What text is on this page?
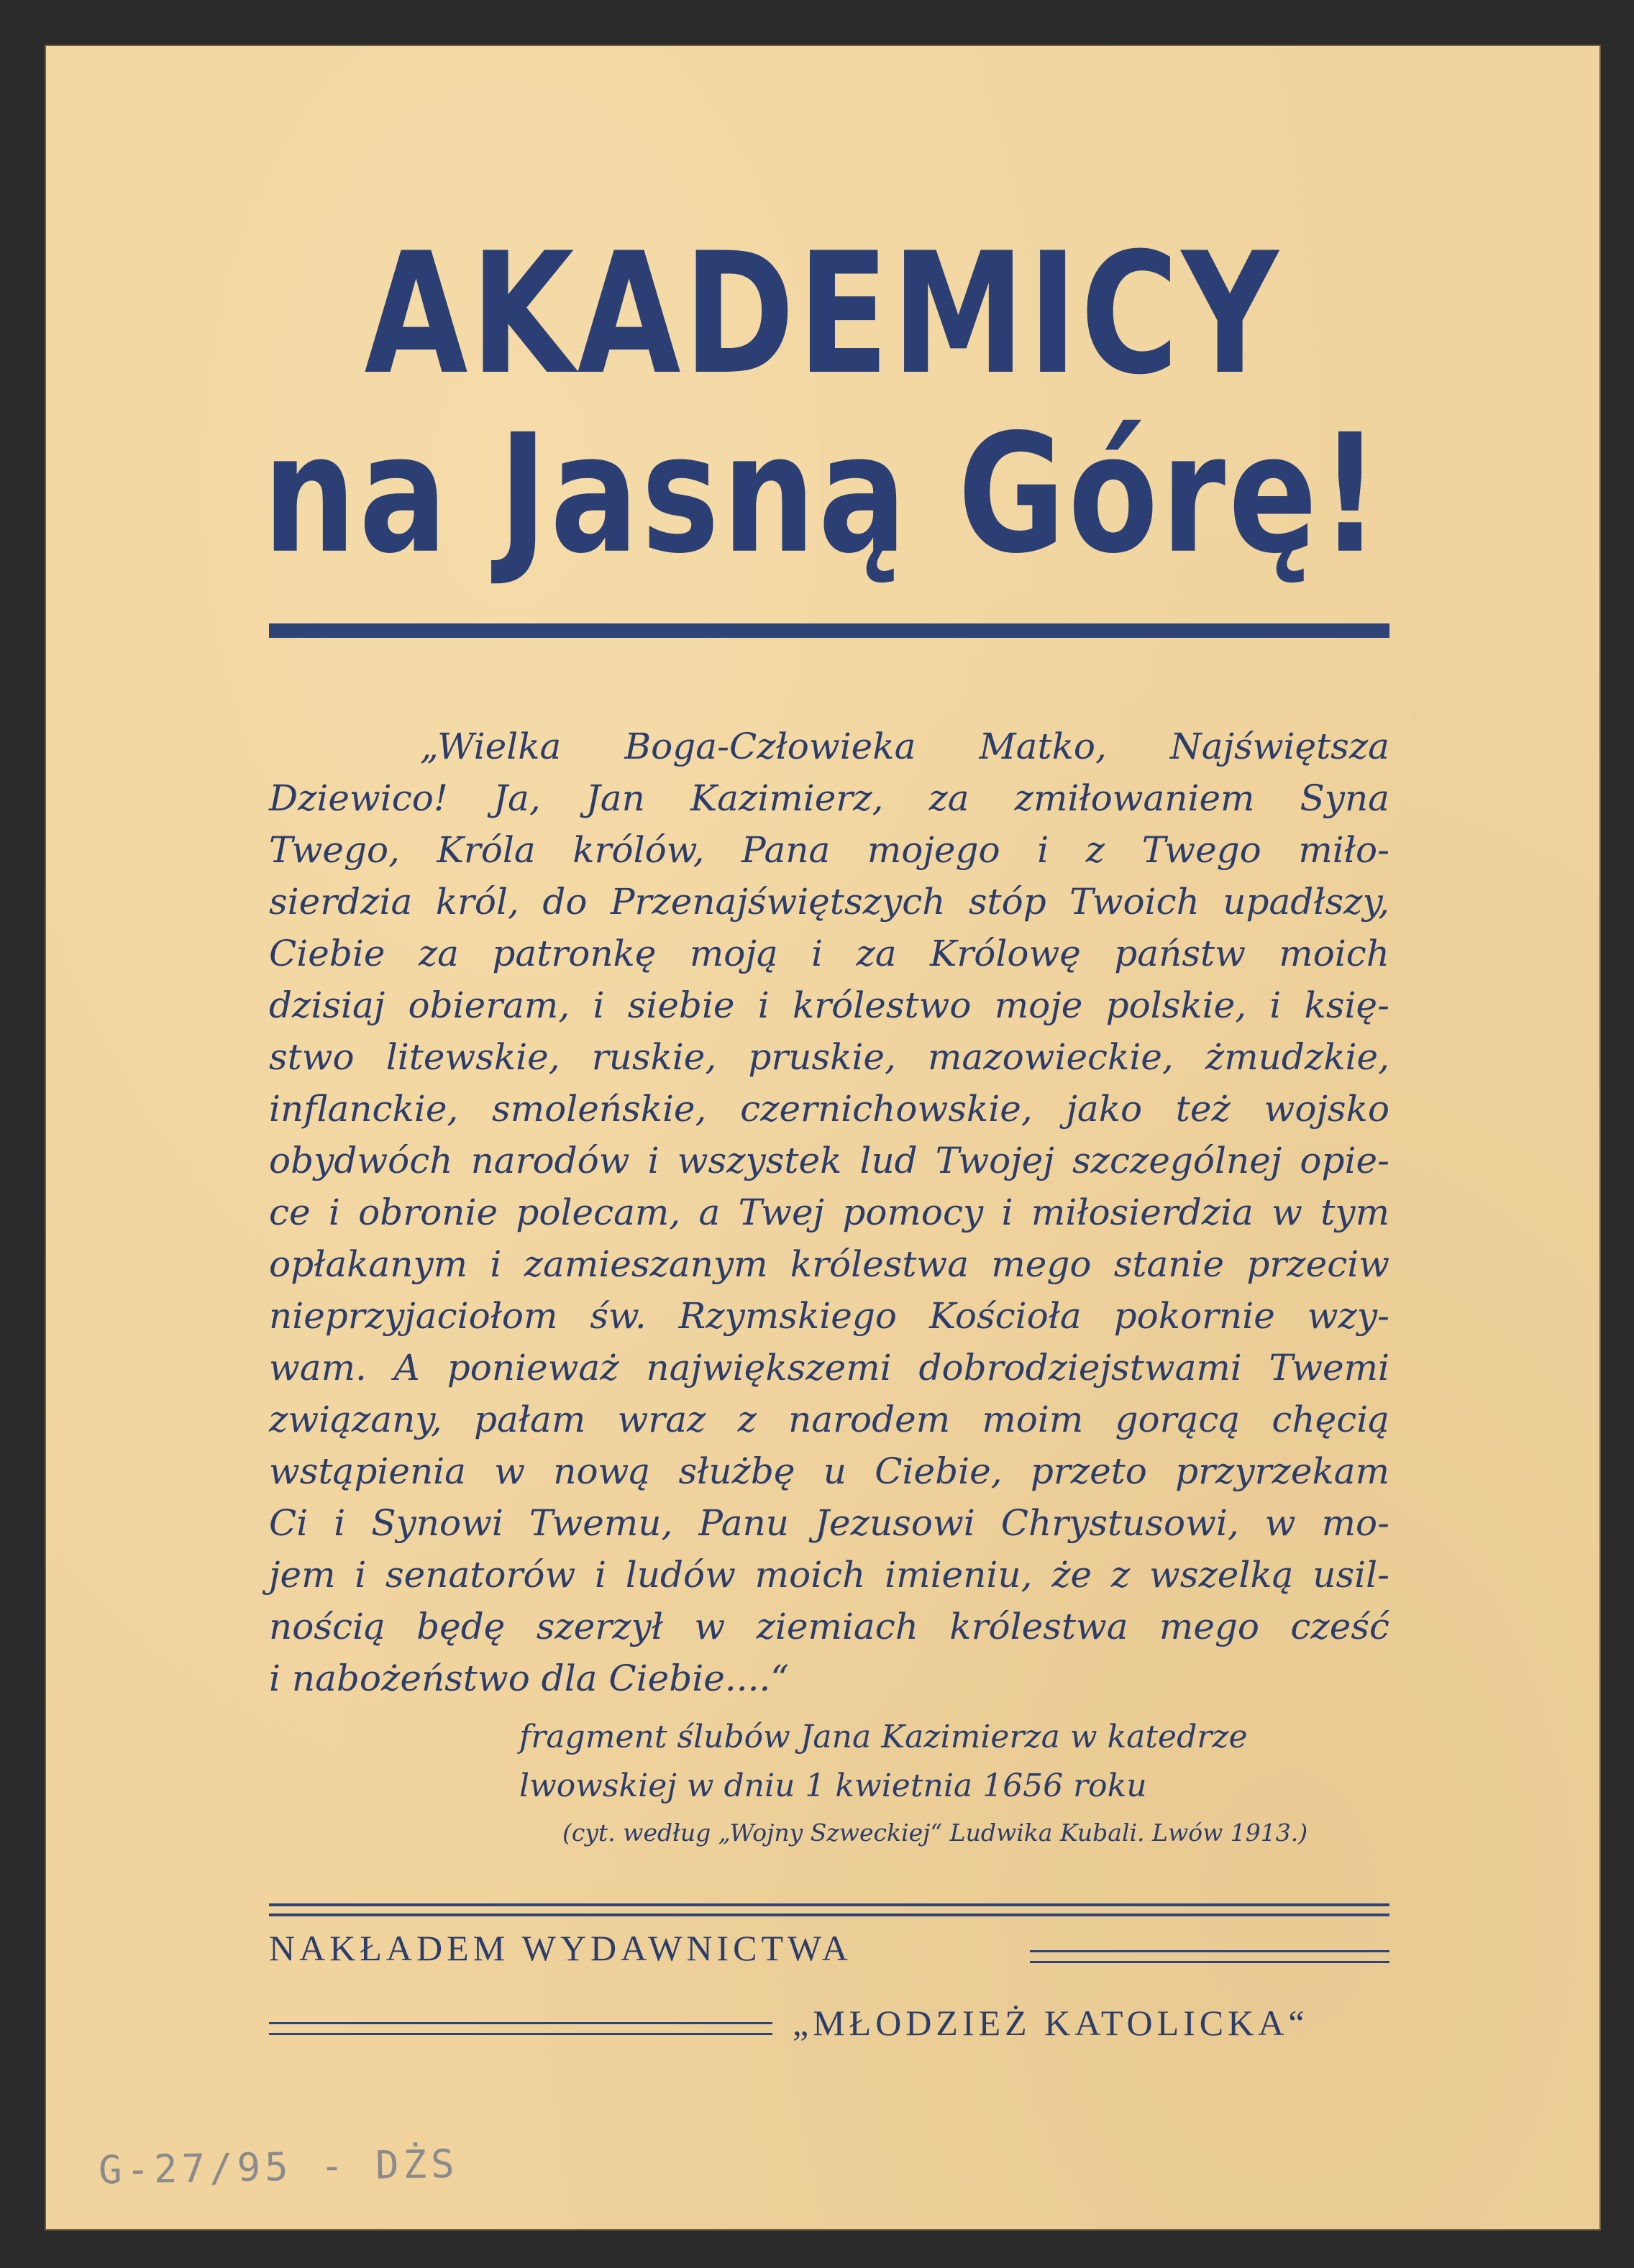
AKADEMICY
na Jasną Górę!
„Wielka Boga-Człowieka Matko, Najświętsza
Dziewico! Ja, Jan Kazimierz, za zmiłowaniem Syna
Twego, Króla królów, Pana mojego i z Twego miło-
sierdzia król, do Przenajświętszych stóp Twoich upadłszy,
Ciebie za patronkę moją i za Królowę państw moich
dzisiaj obieram, i siebie i królestwo moje polskie, i księ-
stwo litewskie, ruskie, pruskie, mazowieckie, żmudzkie,
inflanckie, smoleńskie, czernichowskie, jako też wojsko
obydwóch narodów i wszystek lud Twojej szczególnej opie-
ce i obronie polecam, a Twej pomocy i miłosierdzia w tym
opłakanym i zamieszanym królestwa mego stanie przeciw
nieprzyjaciołom św. Rzymskiego Kościoła pokornie wzy-
wam. A ponieważ największemi dobrodziejstwami Twemi
związany, pałam wraz z narodem moim gorącą chęcią
wstąpienia w nową służbę u Ciebie, przeto przyrzekam
Ci i Synowi Twemu, Panu Jezusowi Chrystusowi, w mo-
jem i senatorów i ludów moich imieniu, że z wszelką usil-
nością będę szerzył w ziemiach królestwa mego cześć
i nabożeństwo dla Ciebie....“
fragment ślubów Jana Kazimierza w katedrze
lwowskiej w dniu 1 kwietnia 1656 roku
(cyt. według „Wojny Szweckiej“ Ludwika Kubali. Lwów 1913.)
NAKŁADEM WYDAWNICTWA
„MŁODZIEŻ KATOLICKA“
G-27/95 - DŻS
